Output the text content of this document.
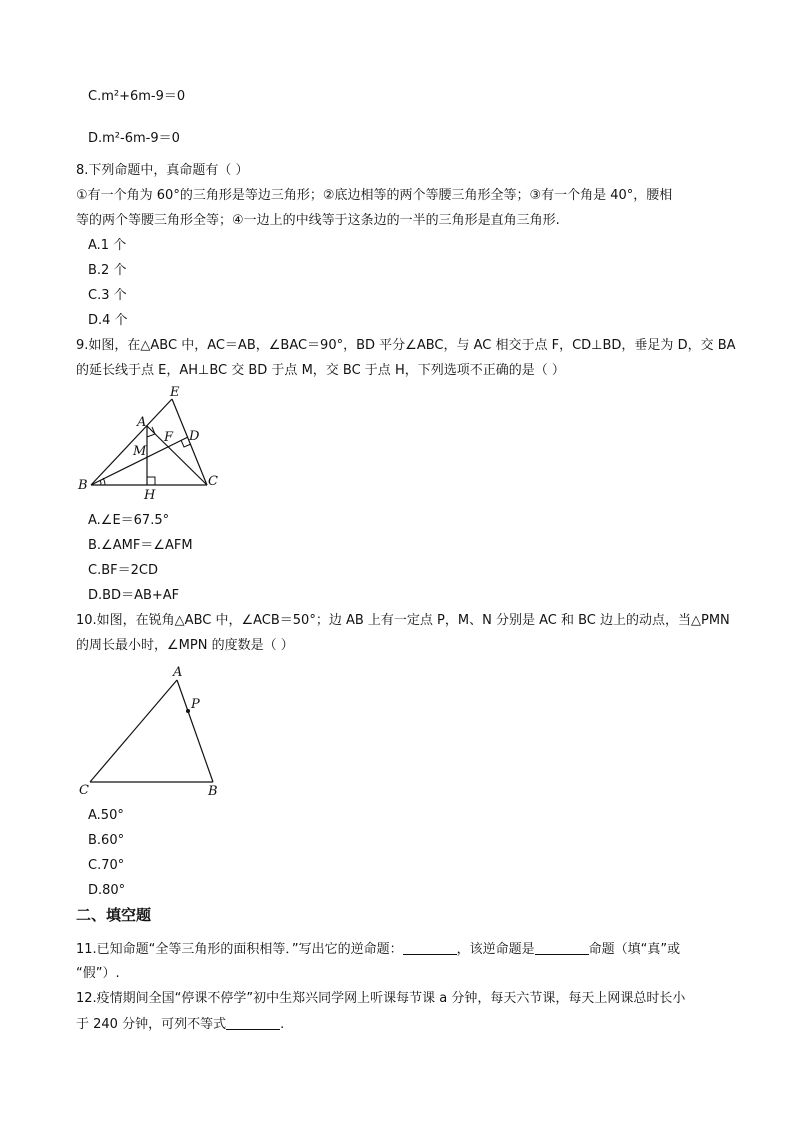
C.m²+6m-9＝0
D.m²-6m-9＝0
8.下列命题中，真命题有（ ）
①有一个角为 60°的三角形是等边三角形；②底边相等的两个等腰三角形全等；③有一个角是 40°，腰相
等的两个等腰三角形全等；④一边上的中线等于这条边的一半的三角形是直角三角形.
A.1 个
B.2 个
C.3 个
D.4 个
9.如图，在△ABC 中，AC＝AB，∠BAC＝90°，BD 平分∠ABC，与 AC 相交于点 F，CD⊥BD，垂足为 D，交 BA
的延长线于点 E，AH⊥BC 交 BD 于点 M，交 BC 于点 H，下列选项不正确的是（ ）
E
A
F D
M
B
H
C
A.∠E＝67.5°
B.∠AMF＝∠AFM
C.BF＝2CD
D.BD＝AB+AF
10.如图，在锐角△ABC 中，∠ACB＝50°；边 AB 上有一定点 P，M、N 分别是 AC 和 BC 边上的动点，当△PMN
的周长最小时，∠MPN 的度数是（ ）
A
P
C	B
A.50°
B.60°
C.70°
D.80°
二、填空题
11.已知命题“全等三角形的面积相等．”写出它的逆命题：	，该逆命题是	命题（填“真”或
“假”）.
12.疫情期间全国“停课不停学”初中生郑兴同学网上听课每节课 a 分钟，每天六节课，每天上网课总时长小
于 240 分钟，可列不等式	.
